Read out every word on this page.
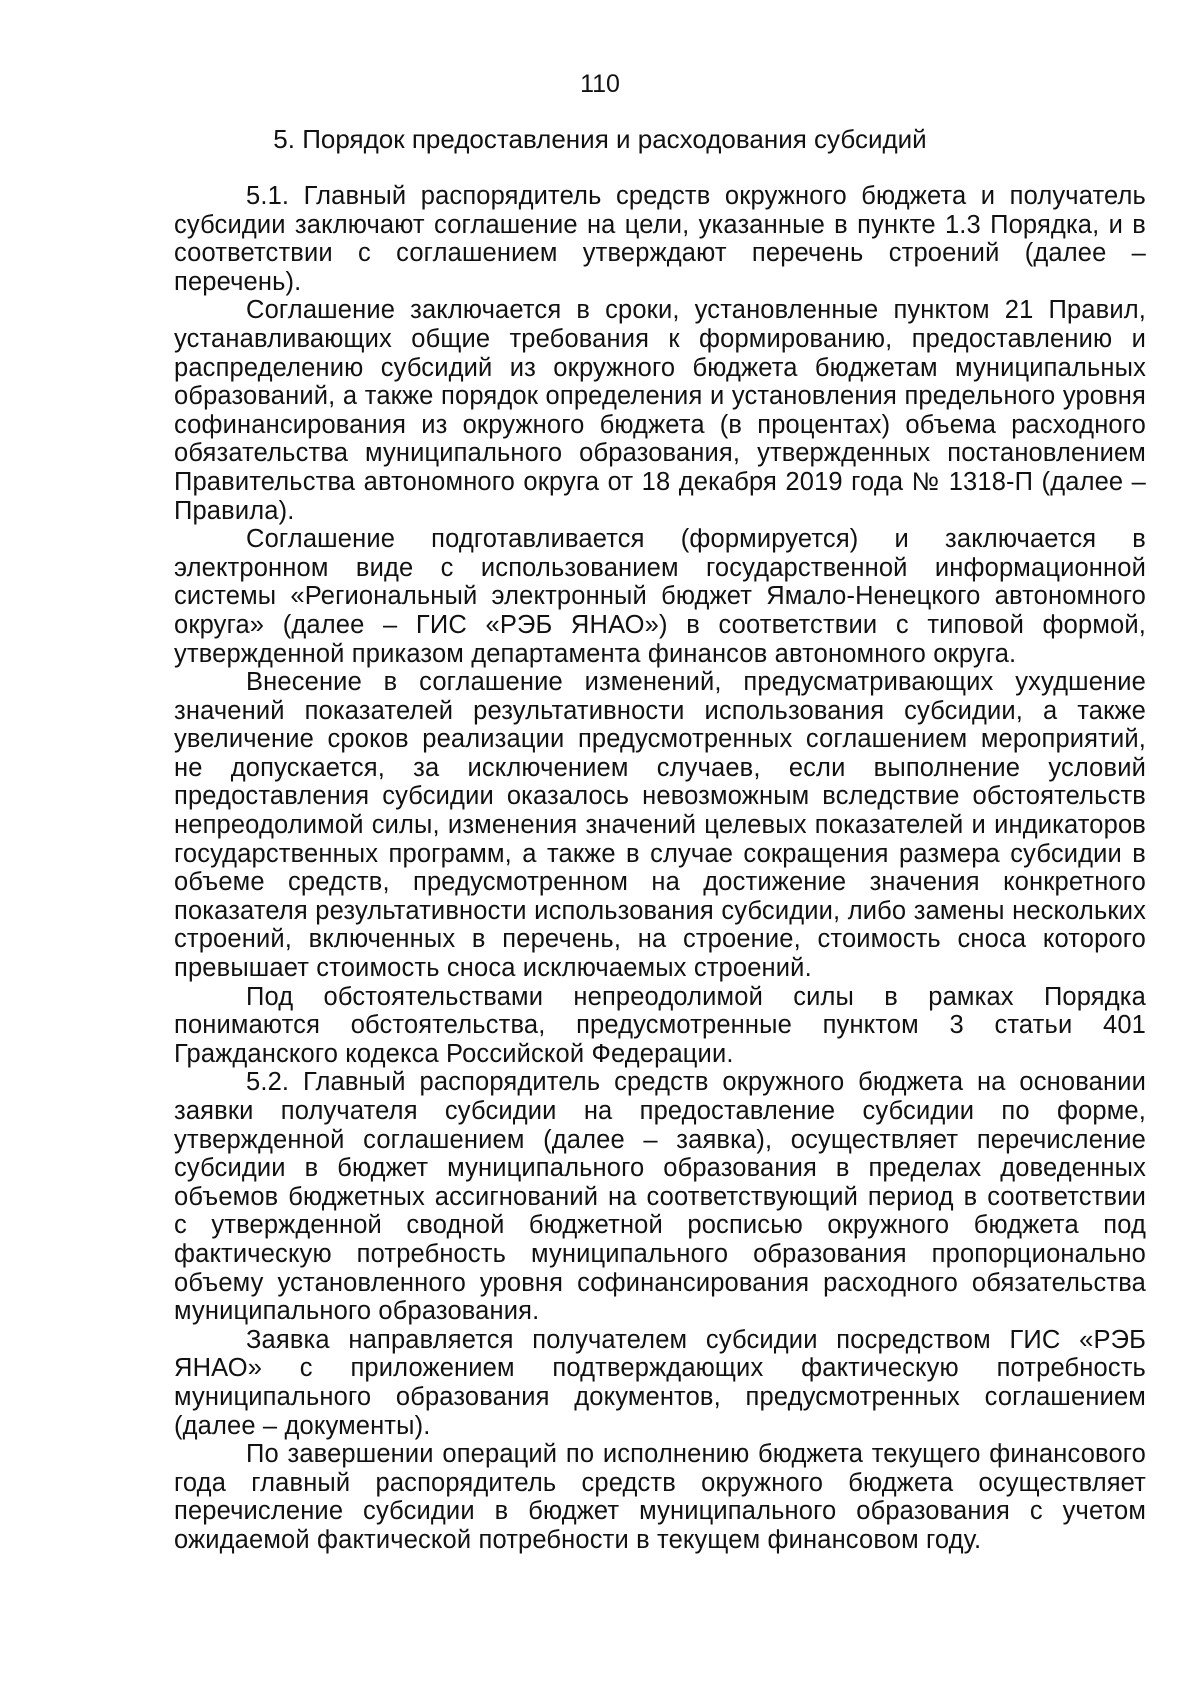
110
5. Порядок предоставления и расходования субсидий

5.1. Главный распорядитель средств окружного бюджета и получатель субсидии заключают соглашение на цели, указанные в пункте 1.3 Порядка, и в соответствии с соглашением утверждают перечень строений (далее – перечень).

Соглашение заключается в сроки, установленные пунктом 21 Правил, устанавливающих общие требования к формированию, предоставлению и распределению субсидий из окружного бюджета бюджетам муниципальных образований, а также порядок определения и установления предельного уровня софинансирования из окружного бюджета (в процентах) объема расходного обязательства муниципального образования, утвержденных постановлением Правительства автономного округа от 18 декабря 2019 года № 1318-П (далее – Правила).

Соглашение подготавливается (формируется) и заключается в электронном виде с использованием государственной информационной системы «Региональный электронный бюджет Ямало-Ненецкого автономного округа» (далее – ГИС «РЭБ ЯНАО») в соответствии с типовой формой, утвержденной приказом департамента финансов автономного округа.

Внесение в соглашение изменений, предусматривающих ухудшение значений показателей результативности использования субсидии, а также увеличение сроков реализации предусмотренных соглашением мероприятий, не допускается, за исключением случаев, если выполнение условий предоставления субсидии оказалось невозможным вследствие обстоятельств непреодолимой силы, изменения значений целевых показателей и индикаторов государственных программ, а также в случае сокращения размера субсидии в объеме средств, предусмотренном на достижение значения конкретного показателя результативности использования субсидии, либо замены нескольких строений, включенных в перечень, на строение, стоимость сноса которого превышает стоимость сноса исключаемых строений.

Под обстоятельствами непреодолимой силы в рамках Порядка понимаются обстоятельства, предусмотренные пунктом 3 статьи 401 Гражданского кодекса Российской Федерации.

5.2. Главный распорядитель средств окружного бюджета на основании заявки получателя субсидии на предоставление субсидии по форме, утвержденной соглашением (далее – заявка), осуществляет перечисление субсидии в бюджет муниципального образования в пределах доведенных объемов бюджетных ассигнований на соответствующий период в соответствии с утвержденной сводной бюджетной росписью окружного бюджета под фактическую потребность муниципального образования пропорционально объему установленного уровня софинансирования расходного обязательства муниципального образования.

Заявка направляется получателем субсидии посредством ГИС «РЭБ ЯНАО» с приложением подтверждающих фактическую потребность муниципального образования документов, предусмотренных соглашением (далее – документы).

По завершении операций по исполнению бюджета текущего финансового года главный распорядитель средств окружного бюджета осуществляет перечисление субсидии в бюджет муниципального образования с учетом ожидаемой фактической потребности в текущем финансовом году.
